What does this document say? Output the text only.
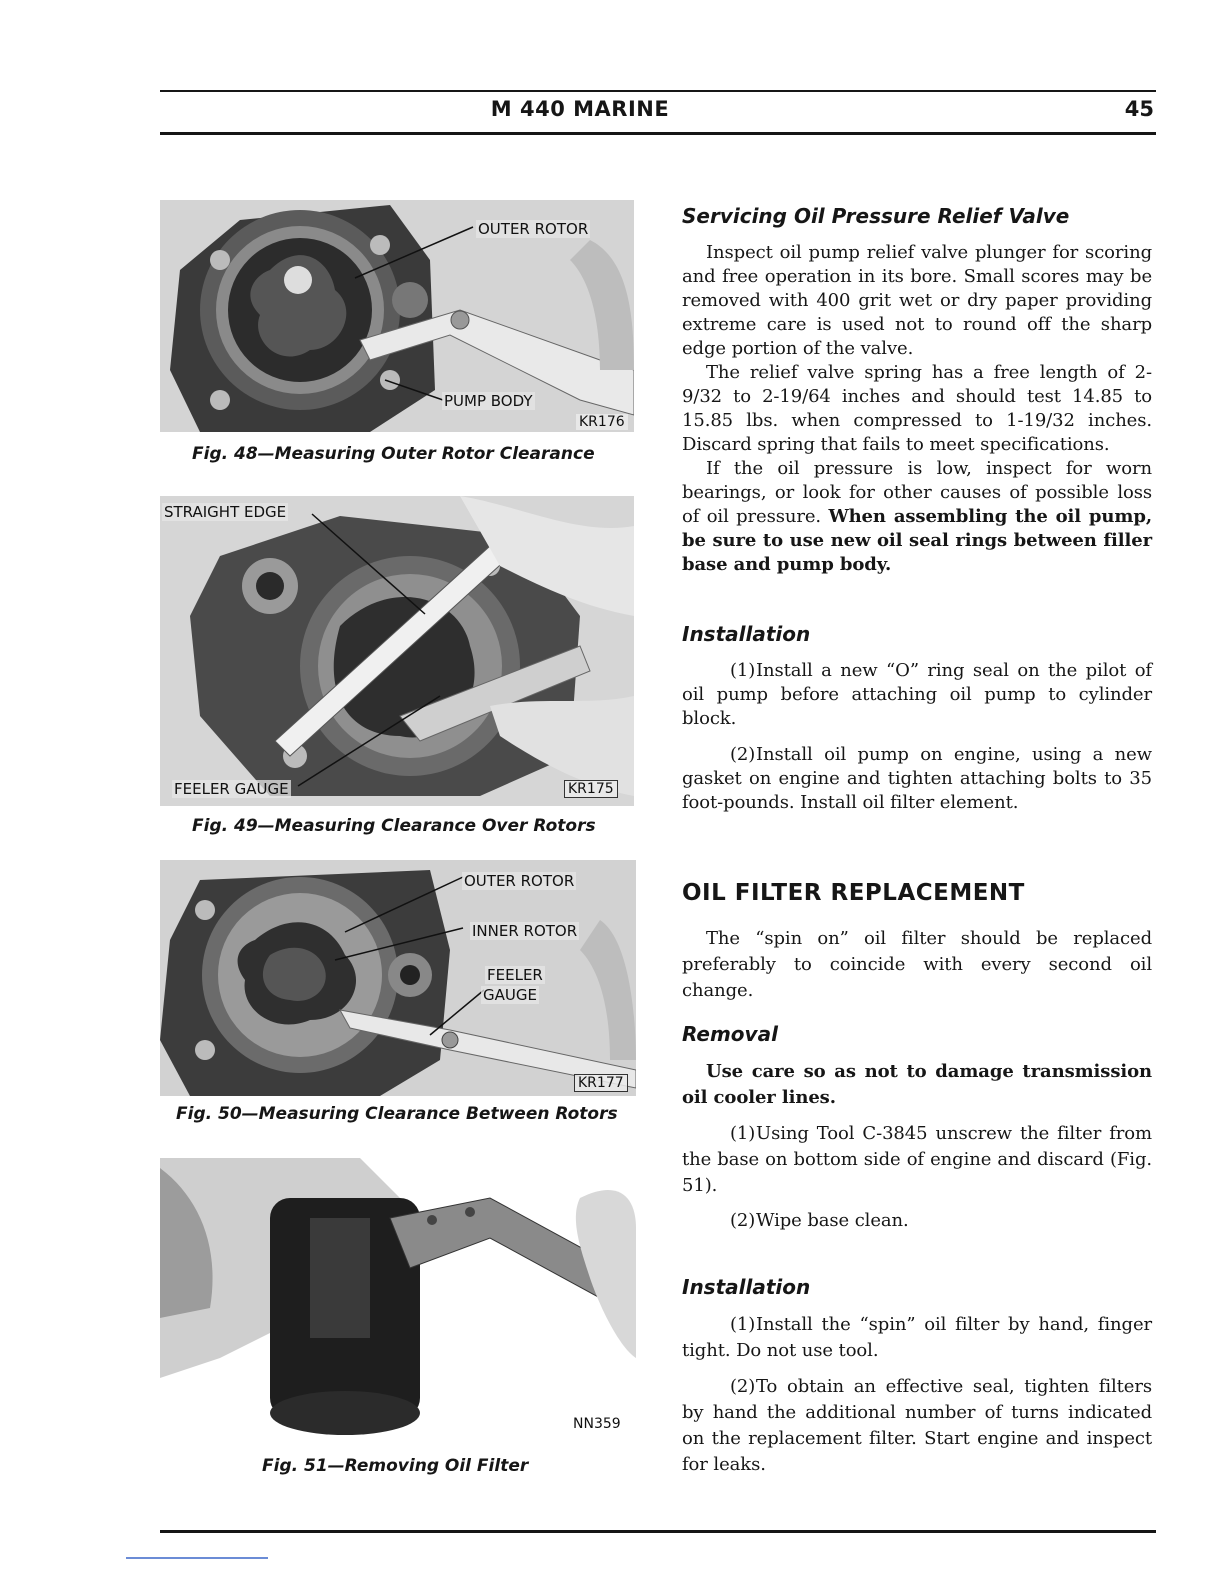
M 440 MARINE	45
OUTER ROTOR
PUMP BODY
KR176
Fig. 48—Measuring Outer Rotor Clearance
STRAIGHT EDGE
FEELER GAUGE	KR175
Fig. 49—Measuring Clearance Over Rotors
OUTER ROTOR
INNER ROTOR
FEELER
GAUGE
KR177
Fig. 50—Measuring Clearance Between Rotors
NN359
Fig. 51—Removing Oil Filter
Servicing Oil Pressure Relief Valve

Inspect oil pump relief valve plunger for scoring and free operation in its bore. Small scores may be removed with 400 grit wet or dry paper providing extreme care is used not to round off the sharp edge portion of the valve.

The relief valve spring has a free length of 2-9/32 to 2-19/64 inches and should test 14.85 to 15.85 lbs. when compressed to 1-19/32 inches. Discard spring that fails to meet specifications.

If the oil pressure is low, inspect for worn bearings, or look for other causes of possible loss of oil pressure. When assembling the oil pump, be sure to use new oil seal rings between filler base and pump body.

Installation

(1)Install a new “O” ring seal on the pilot of oil pump before attaching oil pump to cylinder block.

(2)Install oil pump on engine, using a new gasket on engine and tighten attaching bolts to 35 foot-pounds. Install oil filter element.

OIL FILTER REPLACEMENT

The “spin on” oil filter should be replaced preferably to coincide with every second oil change.

Removal

Use care so as not to damage transmission oil cooler lines.

(1)Using Tool C-3845 unscrew the filter from the base on bottom side of engine and discard (Fig. 51).

(2)Wipe base clean.

Installation

(1)Install the “spin” oil filter by hand, finger tight. Do not use tool.

(2)To obtain an effective seal, tighten filters by hand the additional number of turns indicated on the replacement filter. Start engine and inspect for leaks.
